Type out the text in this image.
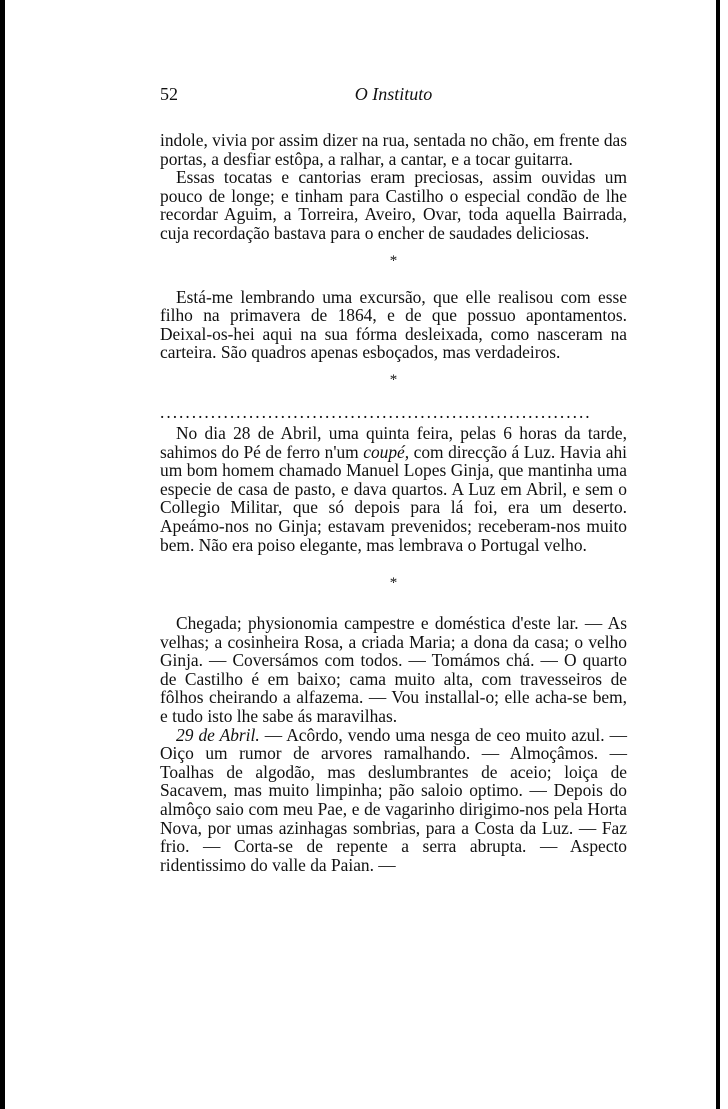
52	O Instituto

indole, vivia por assim dizer na rua, sentada no chão, em frente das portas, a desfiar estôpa, a ralhar, a cantar, e a tocar guitarra.

Essas tocatas e cantorias eram preciosas, assim ouvidas um pouco de longe; e tinham para Castilho o especial condão de lhe recordar Aguim, a Torreira, Aveiro, Ovar, toda aquella Bairrada, cuja recordação bastava para o encher de saudades deliciosas.

*

Está-me lembrando uma excursão, que elle realisou com esse filho na primavera de 1864, e de que possuo apontamentos. Deixal-os-hei aqui na sua fórma desleixada, como nasceram na carteira. São quadros apenas esboçados, mas verdadeiros.

*
....................................................................

No dia 28 de Abril, uma quinta feira, pelas 6 horas da tarde, sahimos do Pé de ferro n'um coupé, com direcção á Luz. Havia ahi um bom homem chamado Manuel Lopes Ginja, que mantinha uma especie de casa de pasto, e dava quartos. A Luz em Abril, e sem o Collegio Militar, que só depois para lá foi, era um deserto. Apeámo-nos no Ginja; estavam prevenidos; receberam-nos muito bem. Não era poiso elegante, mas lembrava o Portugal velho.

*

Chegada; physionomia campestre e doméstica d'este lar. — As velhas; a cosinheira Rosa, a criada Maria; a dona da casa; o velho Ginja. — Coversámos com todos. — Tomámos chá. — O quarto de Castilho é em baixo; cama muito alta, com travesseiros de fôlhos cheirando a alfazema. — Vou installal-o; elle acha-se bem, e tudo isto lhe sabe ás maravilhas.

29 de Abril. — Acôrdo, vendo uma nesga de ceo muito azul. — Oiço um rumor de arvores ramalhando. — Almoçâmos. — Toalhas de algodão, mas deslumbrantes de aceio; loiça de Sacavem, mas muito limpinha; pão saloio optimo. — Depois do almôço saio com meu Pae, e de vagarinho dirigimo-nos pela Horta Nova, por umas azinhagas sombrias, para a Costa da Luz. — Faz frio. — Corta-se de repente a serra abrupta. — Aspecto ridentissimo do valle da Paian. —
